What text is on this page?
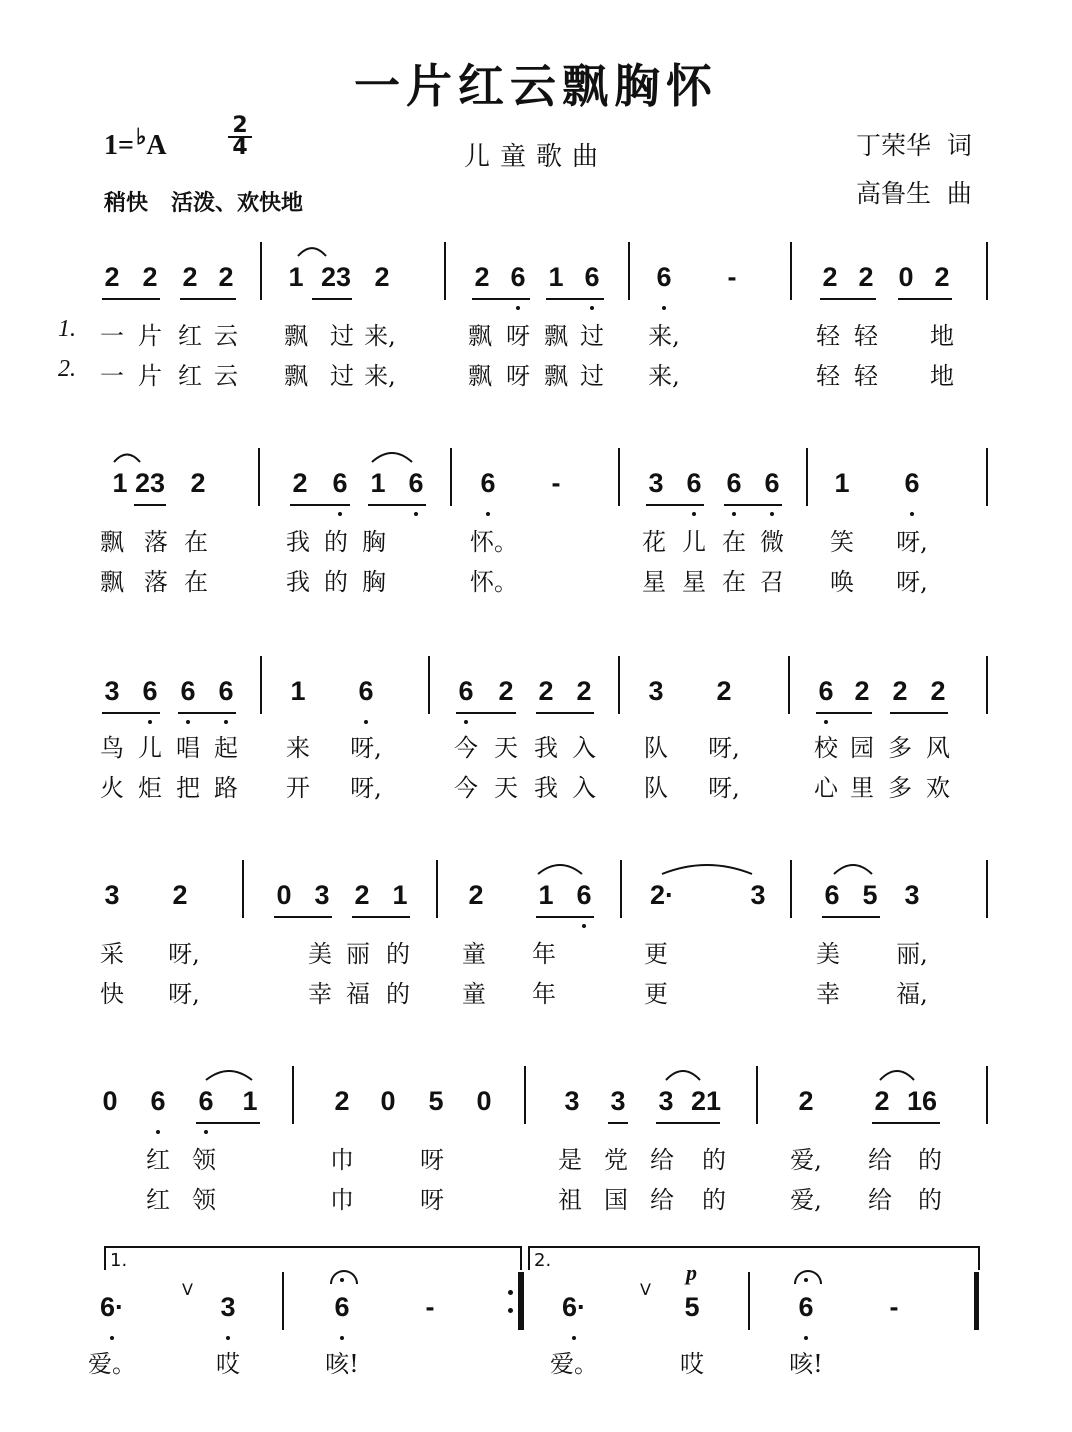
一片红云飘胸怀
1=♭A
2
4	儿童歌曲	丁荣华  词
高鲁生  曲
稍快   活泼、欢快地
1.
2.
2 2 2 2 1 23 2	2 6 1 6 6 -	2 2 0 2
一 片 红 云 飘 过 来,	飘 呀 飘 过 来,	轻 轻 地
一 片 红 云 飘 过 来,	飘 呀 飘 过 来,	轻 轻 地
1 23 2	2 6 1 6 6 -	3 6 6 6 1 6
飘 落 在	我 的 胸	怀。	花 儿 在 微 笑 呀,
飘 落 在	我 的 胸	怀。	星 星 在 召 唤 呀,
3 6 6 6 1 6	6 2 2 2 3 2	6 2 2 2
鸟 儿 唱 起 来 呀,	今 天 我 入 队 呀,	校 园 多 风
火 炬 把 路 开 呀,	今 天 我 入 队 呀,	心 里 多 欢
3 2	0 3 2 1 2 1 6 2·	3 6 5 3
采 呀,	美 丽 的 童 年	更	美 丽,
快 呀,	幸 福 的 童 年	更	幸 福,
0 6 6 1	2 0 5 0	3 3 3 21	2 2 16
红 领	巾	呀	是 党 给 的	爱, 给 的
红 领	巾	呀	祖 国 给 的	爱, 给 的
6·	3	6	-	6·	5	6	-
爱。	哎	咳!	爱。	哎	咳!
1.	2.
V	V
p
